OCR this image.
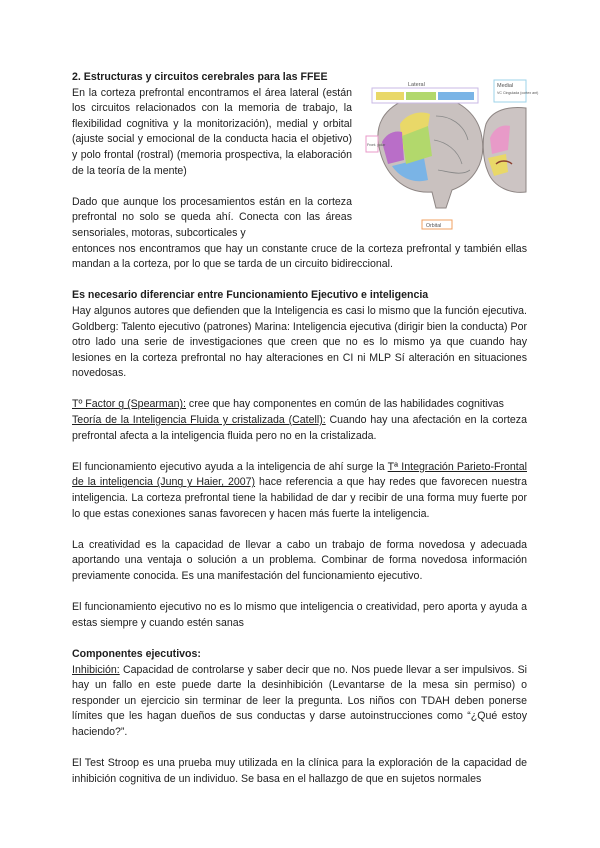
2. Estructuras y circuitos cerebrales para las FFEE

En la corteza prefrontal encontramos el área lateral (están los circuitos relacionados con la memoria de trabajo, la flexibilidad cognitiva y la monitorización), medial y orbital (ajuste social y emocional de la conducta hacia el objetivo) y polo frontal (rostral) (memoria prospectiva, la elaboración de la teoría de la mente)

Dado que aunque los procesamientos están en la corteza prefrontal no solo se queda ahí. Conecta con las áreas sensoriales, motoras, subcorticales y

entonces nos encontramos que hay un constante cruce de la corteza prefrontal y también ellas mandan a la corteza, por lo que se tarda de un circuito bidireccional.

Es necesario diferenciar entre Funcionamiento Ejecutivo e inteligencia

Hay algunos autores que defienden que la Inteligencia es casi lo mismo que la función ejecutiva. Goldberg: Talento ejecutivo (patrones) Marina: Inteligencia ejecutiva (dirigir bien la conducta) Por otro lado una serie de investigaciones que creen que no es lo mismo ya que cuando hay lesiones en la corteza prefrontal no hay alteraciones en CI ni MLP Sí alteración en situaciones novedosas.

Tº Factor g (Spearman): cree que hay componentes en común de las habilidades cognitivas

Teoría de la Inteligencia Fluida y cristalizada (Catell): Cuando hay una afectación en la corteza prefrontal afecta a la inteligencia fluida pero no en la cristalizada.

El funcionamiento ejecutivo ayuda a la inteligencia de ahí surge la Tª Integración Parieto-Frontal de la inteligencia (Jung y Haier, 2007) hace referencia a que hay redes que favorecen nuestra inteligencia. La corteza prefrontal tiene la habilidad de dar y recibir de una forma muy fuerte por lo que estas conexiones sanas favorecen y hacen más fuerte la inteligencia.

La creatividad es la capacidad de llevar a cabo un trabajo de forma novedosa y adecuada aportando una ventaja o solución a un problema. Combinar de forma novedosa información previamente conocida. Es una manifestación del funcionamiento ejecutivo.

El funcionamiento ejecutivo no es lo mismo que inteligencia o creatividad, pero aporta y ayuda a estas siempre y cuando estén sanas

Componentes ejecutivos:

Inhibición: Capacidad de controlarse y saber decir que no. Nos puede llevar a ser impulsivos. Si hay un fallo en este puede darte la desinhibición (Levantarse de la mesa sin permiso) o responder un ejercicio sin terminar de leer la pregunta. Los niños con TDAH deben ponerse límites que les hagan dueños de sus conductas y darse autoinstrucciones como “¿Qué estoy haciendo?”.

El Test Stroop es una prueba muy utilizada en la clínica para la exploración de la capacidad de inhibición cognitiva de un individuo. Se basa en el hallazgo de que en sujetos normales

Lateral	Medial
VC Cingulada (cortex ant)
Front. polar
Orbital
